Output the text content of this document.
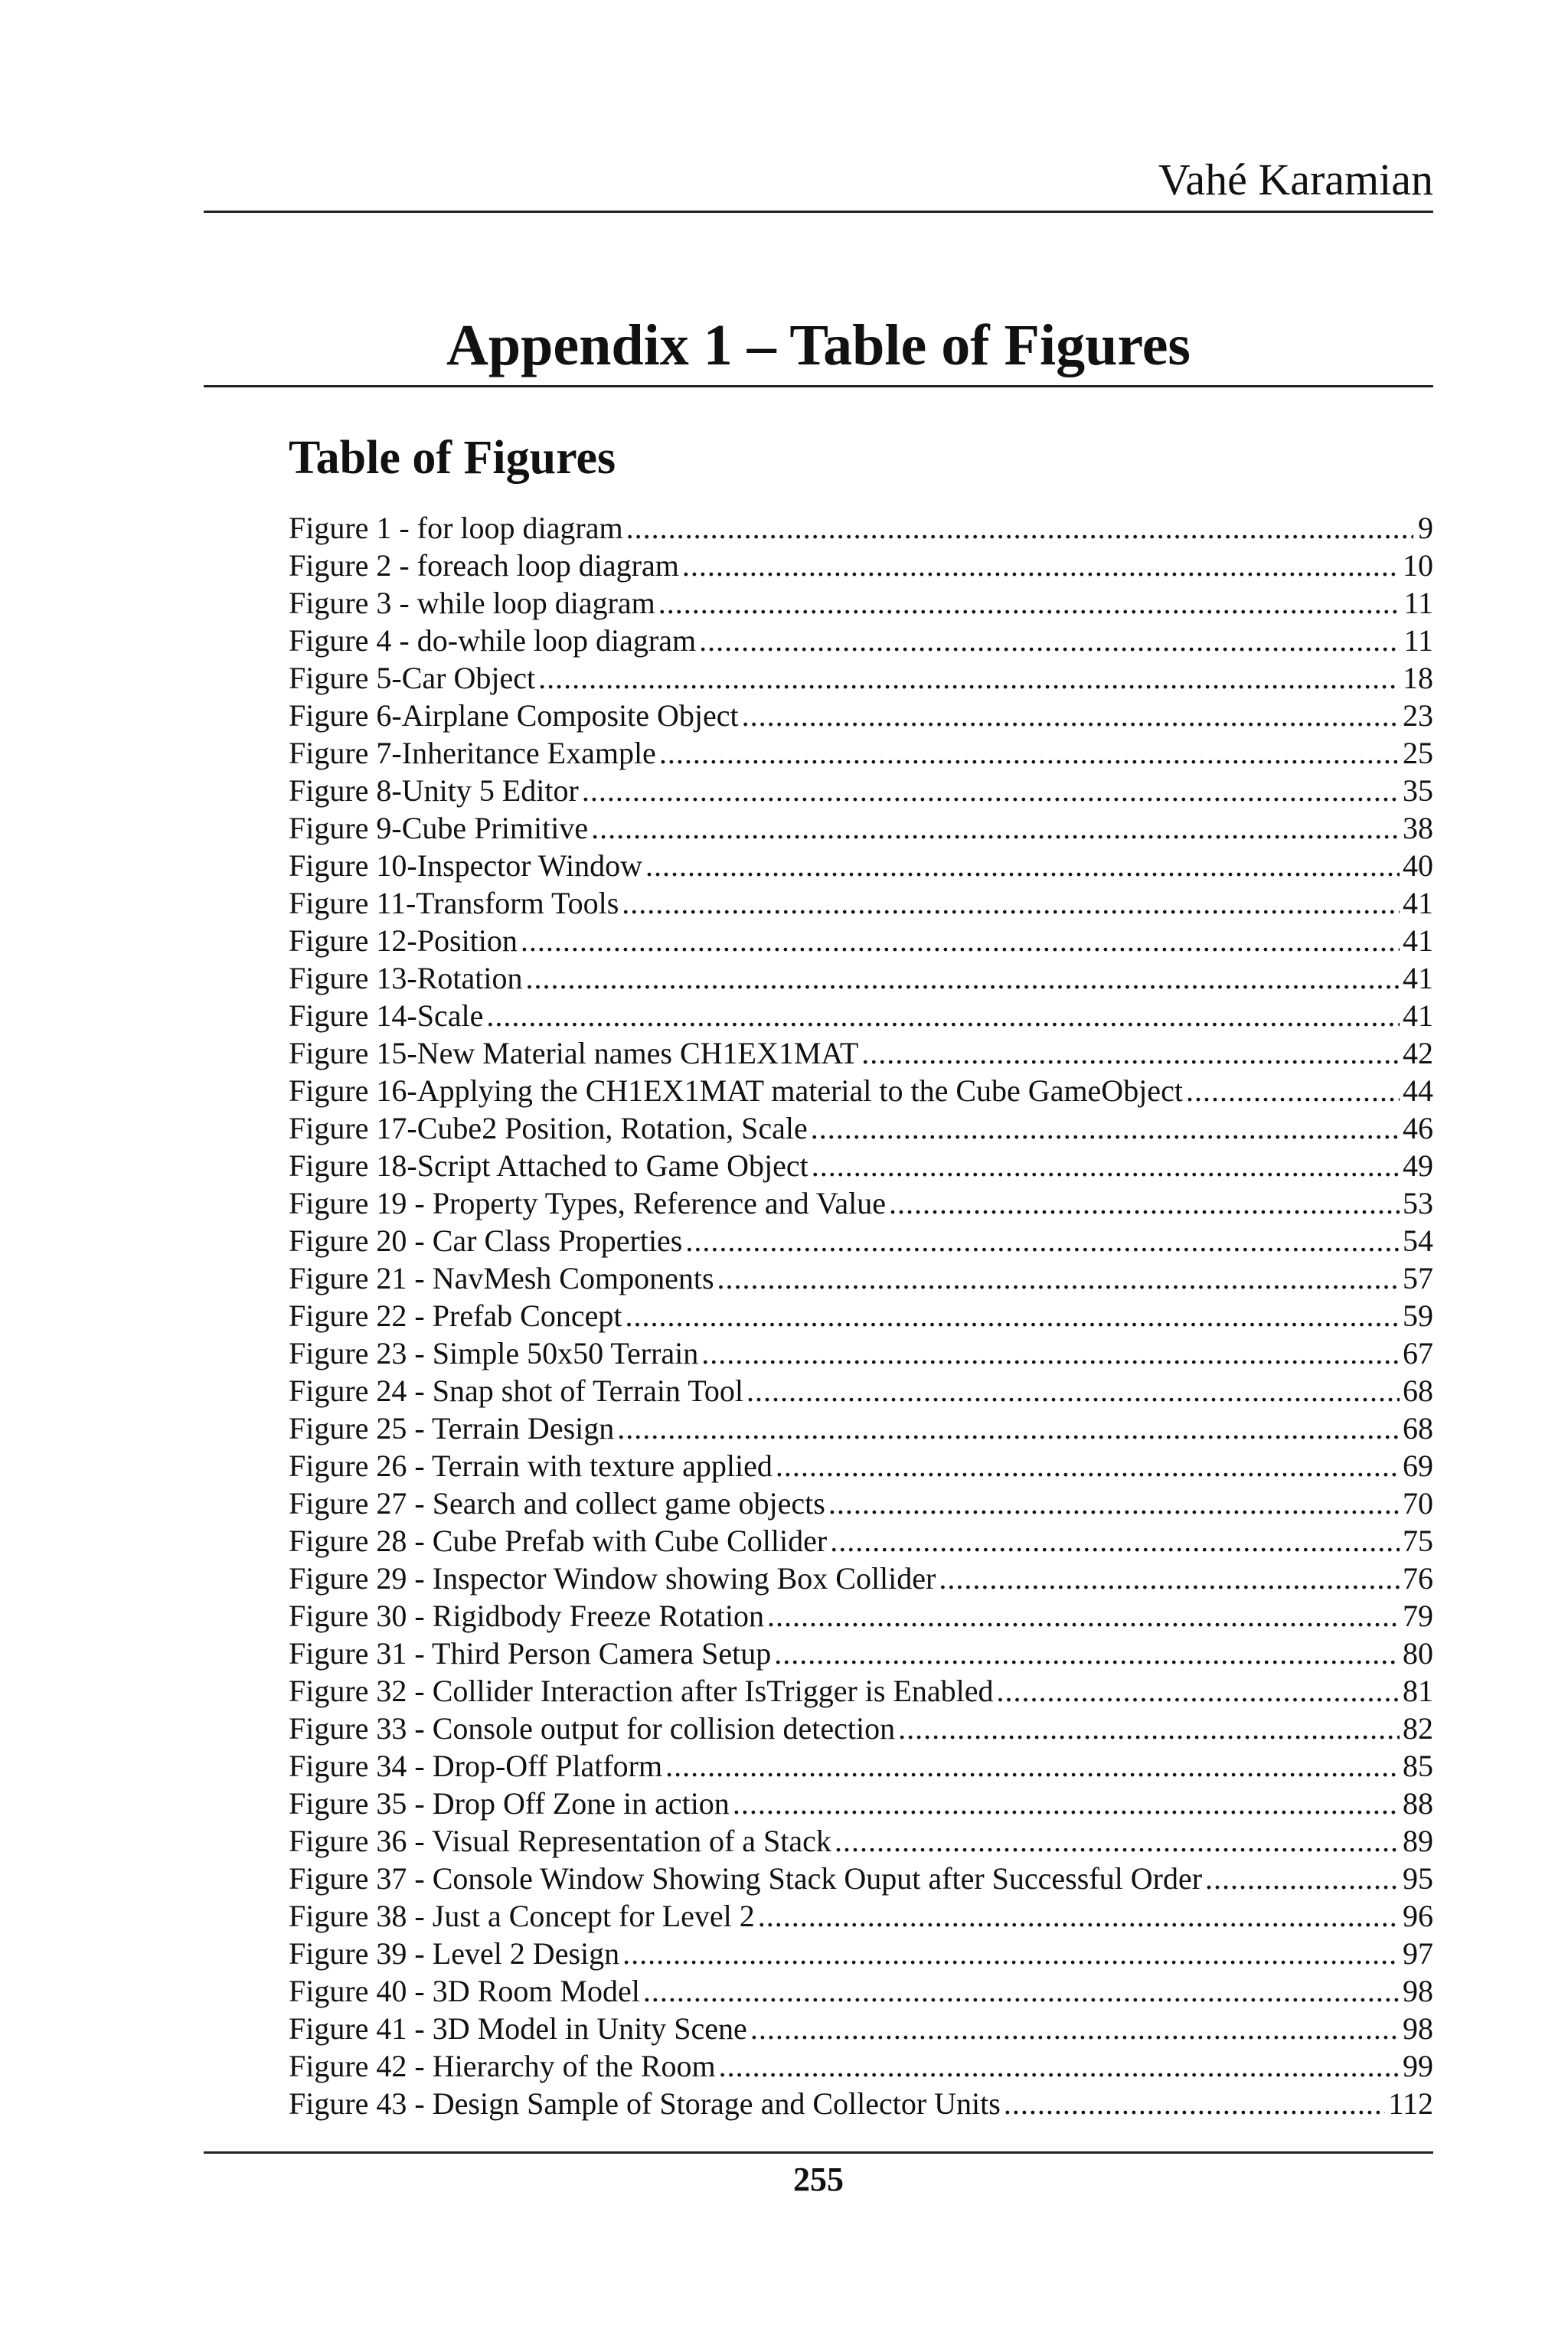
Vahé Karamian
Appendix 1 – Table of Figures
Table of Figures
Figure 1 - for loop diagram .....	9
Figure 2 - foreach loop diagram .....	10
Figure 3 - while loop diagram .....	11
Figure 4 - do-while loop diagram .....	11
Figure 5-Car Object .....	18
Figure 6-Airplane Composite Object .....	23
Figure 7-Inheritance Example .....	25
Figure 8-Unity 5 Editor .....	35
Figure 9-Cube Primitive .....	38
Figure 10-Inspector Window .....	40
Figure 11-Transform Tools .....	41
Figure 12-Position .....	41
Figure 13-Rotation .....	41
Figure 14-Scale .....	41
Figure 15-New Material names CH1EX1MAT .....	42
Figure 16-Applying the CH1EX1MAT material to the Cube GameObject .....	44
Figure 17-Cube2 Position, Rotation, Scale .....	46
Figure 18-Script Attached to Game Object .....	49
Figure 19 - Property Types, Reference and Value .....	53
Figure 20 - Car Class Properties .....	54
Figure 21 - NavMesh Components .....	57
Figure 22 - Prefab Concept .....	59
Figure 23 - Simple 50x50 Terrain .....	67
Figure 24 - Snap shot of Terrain Tool .....	68
Figure 25 - Terrain Design .....	68
Figure 26 - Terrain with texture applied .....	69
Figure 27 - Search and collect game objects .....	70
Figure 28 - Cube Prefab with Cube Collider .....	75
Figure 29 - Inspector Window showing Box Collider .....	76
Figure 30 - Rigidbody Freeze Rotation .....	79
Figure 31 - Third Person Camera Setup .....	80
Figure 32 - Collider Interaction after IsTrigger is Enabled .....	81
Figure 33 - Console output for collision detection .....	82
Figure 34 - Drop-Off Platform .....	85
Figure 35 - Drop Off Zone in action .....	88
Figure 36 - Visual Representation of a Stack .....	89
Figure 37 - Console Window Showing Stack Ouput after Successful Order .....	95
Figure 38 - Just a Concept for Level 2 .....	96
Figure 39 - Level 2 Design .....	97
Figure 40 - 3D Room Model .....	98
Figure 41 - 3D Model in Unity Scene .....	98
Figure 42 - Hierarchy of the Room .....	99
Figure 43 - Design Sample of Storage and Collector Units .....	112
255
